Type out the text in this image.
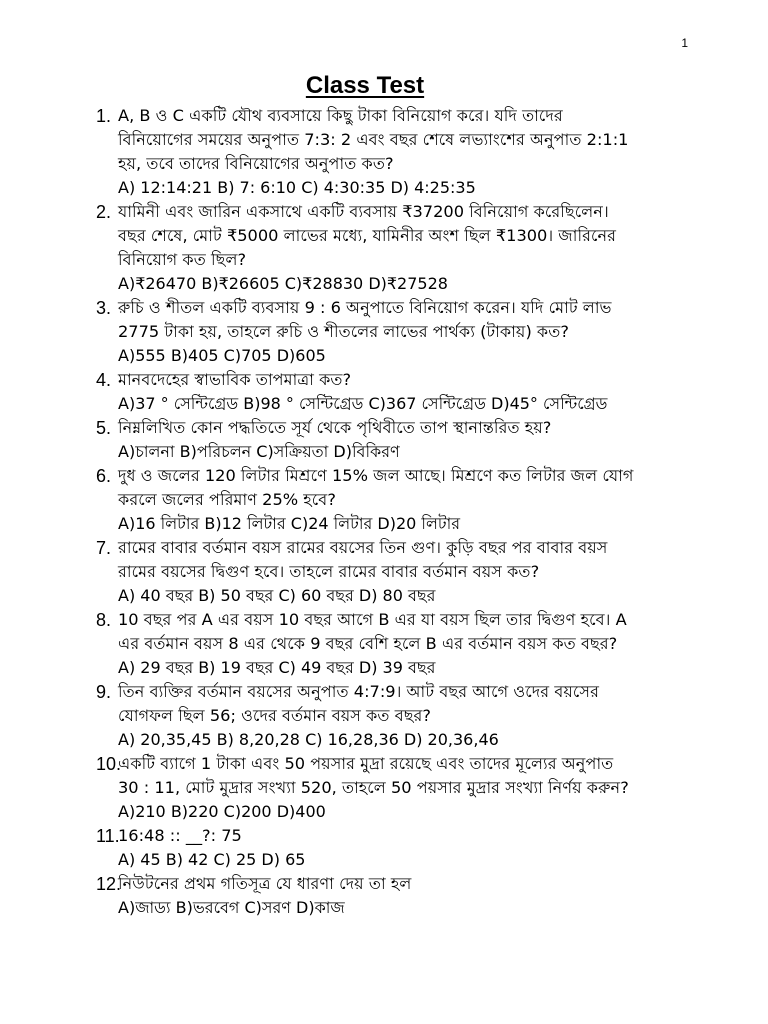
1
Class Test
1. A, B ও C একটি যৌথ ব্যবসায়ে কিছু টাকা বিনিয়োগ করে। যদি তাদের
বিনিয়োগের সময়ের অনুপাত 7:3: 2 এবং বছর শেষে লভ্যাংশের অনুপাত 2:1:1
হয়, তবে তাদের বিনিয়োগের অনুপাত কত?
A) 12:14:21 B) 7: 6:10 C) 4:30:35 D) 4:25:35
2. যামিনী এবং জারিন একসাথে একটি ব্যবসায় ₹37200 বিনিয়োগ করেছিলেন।
বছর শেষে, মোট ₹5000 লাভের মধ্যে, যামিনীর অংশ ছিল ₹1300। জারিনের
বিনিয়োগ কত ছিল?
A)₹26470 B)₹26605 C)₹28830 D)₹27528
3. রুচি ও শীতল একটি ব্যবসায় 9 : 6 অনুপাতে বিনিয়োগ করেন। যদি মোট লাভ
2775 টাকা হয়, তাহলে রুচি ও শীতলের লাভের পার্থক্য (টাকায়) কত?
A)555 B)405 C)705 D)605
4. মানবদেহের স্বাভাবিক তাপমাত্রা কত?
A)37 ° সেন্টিগ্রেড B)98 ° সেন্টিগ্রেড C)367 সেন্টিগ্রেড D)45° সেন্টিগ্রেড
5. নিম্নলিখিত কোন পদ্ধতিতে সূর্য থেকে পৃথিবীতে তাপ স্থানান্তরিত হয়?
A)চালনা B)পরিচলন C)সক্রিয়তা D)বিকিরণ
6. দুধ ও জলের 120 লিটার মিশ্রণে 15% জল আছে। মিশ্রণে কত লিটার জল যোগ
করলে জলের পরিমাণ 25% হবে?
A)16 লিটার B)12 লিটার C)24 লিটার D)20 লিটার
7. রামের বাবার বর্তমান বয়স রামের বয়সের তিন গুণ। কুড়ি বছর পর বাবার বয়স
রামের বয়সের দ্বিগুণ হবে। তাহলে রামের বাবার বর্তমান বয়স কত?
A) 40 বছর B) 50 বছর C) 60 বছর D) 80 বছর
8. 10 বছর পর A এর বয়স 10 বছর আগে B এর যা বয়স ছিল তার দ্বিগুণ হবে। A
এর বর্তমান বয়স 8 এর থেকে 9 বছর বেশি হলে B এর বর্তমান বয়স কত বছর?
A) 29 বছর B) 19 বছর C) 49 বছর D) 39 বছর
9. তিন ব্যক্তির বর্তমান বয়সের অনুপাত 4:7:9। আট বছর আগে ওদের বয়সের
যোগফল ছিল 56; ওদের বর্তমান বয়স কত বছর?
A) 20,35,45 B) 8,20,28 C) 16,28,36 D) 20,36,46
10.
একটি ব্যাগে 1 টাকা এবং 50 পয়সার মুদ্রা রয়েছে এবং তাদের মূল্যের অনুপাত
30 : 11, মোট মুদ্রার সংখ্যা 520, তাহলে 50 পয়সার মুদ্রার সংখ্যা নির্ণয় করুন?
A)210 B)220 C)200 D)400
11.
16:48 :: __?: 75
A) 45 B) 42 C) 25 D) 65
12.
নিউটনের প্রথম গতিসূত্র যে ধারণা দেয় তা হল
A)জাড্য B)ভরবেগ C)সরণ D)কাজ
